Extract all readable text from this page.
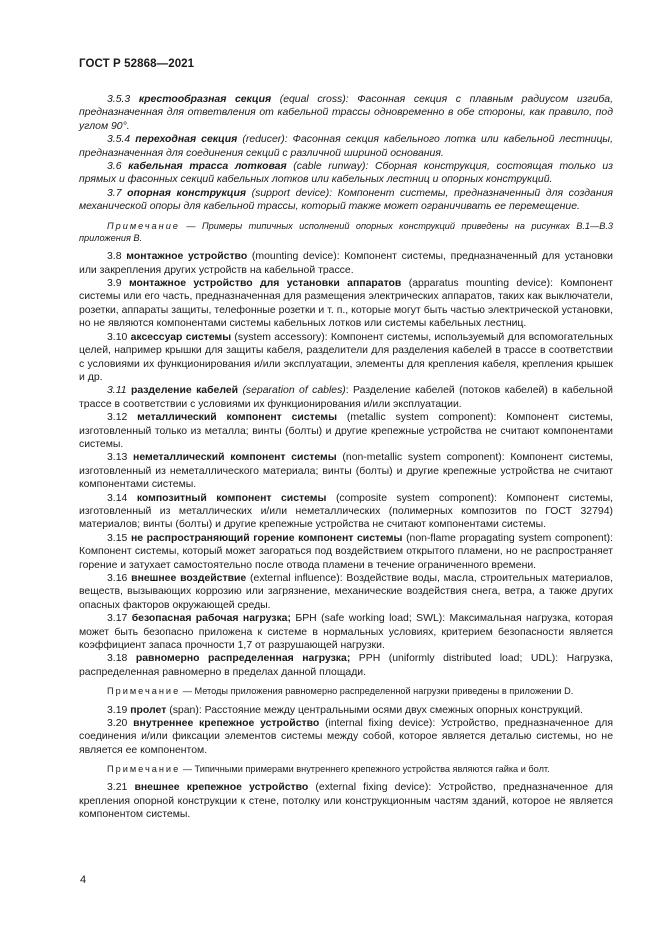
ГОСТ Р 52868—2021

3.5.3 крестообразная секция (equal cross): Фасонная секция с плавным радиусом изгиба, предназначенная для ответвления от кабельной трассы одновременно в обе стороны, как правило, под углом 90°.

3.5.4 переходная секция (reducer): Фасонная секция кабельного лотка или кабельной лестницы, предназначенная для соединения секций с различной шириной основания.

3.6 кабельная трасса лотковая (cable runway): Сборная конструкция, состоящая только из прямых и фасонных секций кабельных лотков или кабельных лестниц и опорных конструкций.

3.7 опорная конструкция (support device): Компонент системы, предназначенный для создания механической опоры для кабельной трассы, который также может ограничивать ее перемещение.

Примечание — Примеры типичных исполнений опорных конструкций приведены на рисунках В.1—В.3 приложения В.

3.8 монтажное устройство (mounting device): Компонент системы, предназначенный для установки или закрепления других устройств на кабельной трассе.

3.9 монтажное устройство для установки аппаратов (apparatus mounting device): Компонент системы или его часть, предназначенная для размещения электрических аппаратов, таких как выключатели, розетки, аппараты защиты, телефонные розетки и т. п., которые могут быть частью электрической установки, но не являются компонентами системы кабельных лотков или системы кабельных лестниц.

3.10 аксессуар системы (system accessory): Компонент системы, используемый для вспомогательных целей, например крышки для защиты кабеля, разделители для разделения кабелей в трассе в соответствии с условиями их функционирования и/или эксплуатации, элементы для крепления кабеля, крепления крышек и др.

3.11 разделение кабелей (separation of cables): Разделение кабелей (потоков кабелей) в кабельной трассе в соответствии с условиями их функционирования и/или эксплуатации.

3.12 металлический компонент системы (metallic system component): Компонент системы, изготовленный только из металла; винты (болты) и другие крепежные устройства не считают компонентами системы.

3.13 неметаллический компонент системы (non-metallic system component): Компонент системы, изготовленный из неметаллического материала; винты (болты) и другие крепежные устройства не считают компонентами системы.

3.14 композитный компонент системы (composite system component): Компонент системы, изготовленный из металлических и/или неметаллических (полимерных композитов по ГОСТ 32794) материалов; винты (болты) и другие крепежные устройства не считают компонентами системы.

3.15 не распространяющий горение компонент системы (non-flame propagating system component): Компонент системы, который может загораться под воздействием открытого пламени, но не распространяет горение и затухает самостоятельно после отвода пламени в течение ограниченного времени.

3.16 внешнее воздействие (external influence): Воздействие воды, масла, строительных материалов, веществ, вызывающих коррозию или загрязнение, механические воздействия снега, ветра, а также других опасных факторов окружающей среды.

3.17 безопасная рабочая нагрузка; БРН (safe working load; SWL): Максимальная нагрузка, которая может быть безопасно приложена к системе в нормальных условиях, критерием безопасности является коэффициент запаса прочности 1,7 от разрушающей нагрузки.

3.18 равномерно распределенная нагрузка; РРН (uniformly distributed load; UDL): Нагрузка, распределенная равномерно в пределах данной площади.

Примечание — Методы приложения равномерно распределенной нагрузки приведены в приложении D.

3.19 пролет (span): Расстояние между центральными осями двух смежных опорных конструкций.

3.20 внутреннее крепежное устройство (internal fixing device): Устройство, предназначенное для соединения и/или фиксации элементов системы между собой, которое является деталью системы, но не является ее компонентом.

Примечание — Типичными примерами внутреннего крепежного устройства являются гайка и болт.

3.21 внешнее крепежное устройство (external fixing device): Устройство, предназначенное для крепления опорной конструкции к стене, потолку или конструкционным частям зданий, которое не является компонентом системы.

4
